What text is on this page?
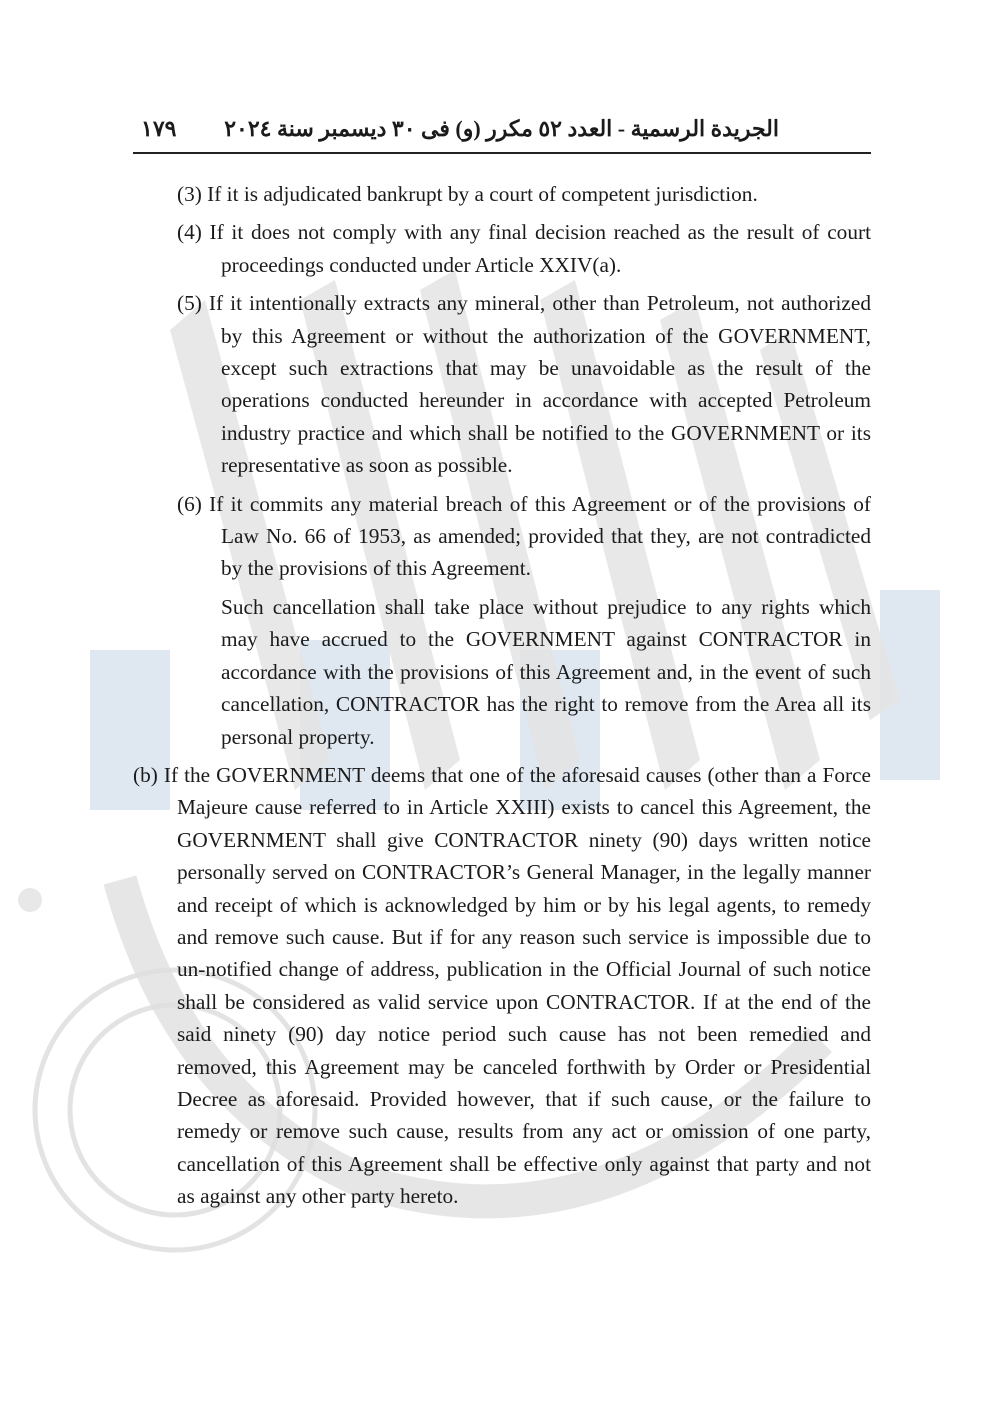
الجريدة الرسمية - العدد ٥٢ مكرر (و) فى ٣٠ ديسمبر سنة ٢٠٢٤
١٧٩

(3) If it is adjudicated bankrupt by a court of competent jurisdiction.

(4) If it does not comply with any final decision reached as the result of court proceedings conducted under Article XXIV(a).

(5) If it intentionally extracts any mineral, other than Petroleum, not authorized by this Agreement or without the authorization of the GOVERNMENT, except such extractions that may be unavoidable as the result of the operations conducted hereunder in accordance with accepted Petroleum industry practice and which shall be notified to the GOVERNMENT or its representative as soon as possible.

(6) If it commits any material breach of this Agreement or of the provisions of Law No. 66 of 1953, as amended; provided that they, are not contradicted by the provisions of this Agreement.

Such cancellation shall take place without prejudice to any rights which may have accrued to the GOVERNMENT against CONTRACTOR in accordance with the provisions of this Agreement and, in the event of such cancellation, CONTRACTOR has the right to remove from the Area all its personal property.

(b) If the GOVERNMENT deems that one of the aforesaid causes (other than a Force Majeure cause referred to in Article XXIII) exists to cancel this Agreement, the GOVERNMENT shall give CONTRACTOR ninety (90) days written notice personally served on CONTRACTOR’s General Manager, in the legally manner and receipt of which is acknowledged by him or by his legal agents, to remedy and remove such cause. But if for any reason such service is impossible due to un-notified change of address, publication in the Official Journal of such notice shall be considered as valid service upon CONTRACTOR. If at the end of the said ninety (90) day notice period such cause has not been remedied and removed, this Agreement may be canceled forthwith by Order or Presidential Decree as aforesaid. Provided however, that if such cause, or the failure to remedy or remove such cause, results from any act or omission of one party, cancellation of this Agreement shall be effective only against that party and not as against any other party hereto.
